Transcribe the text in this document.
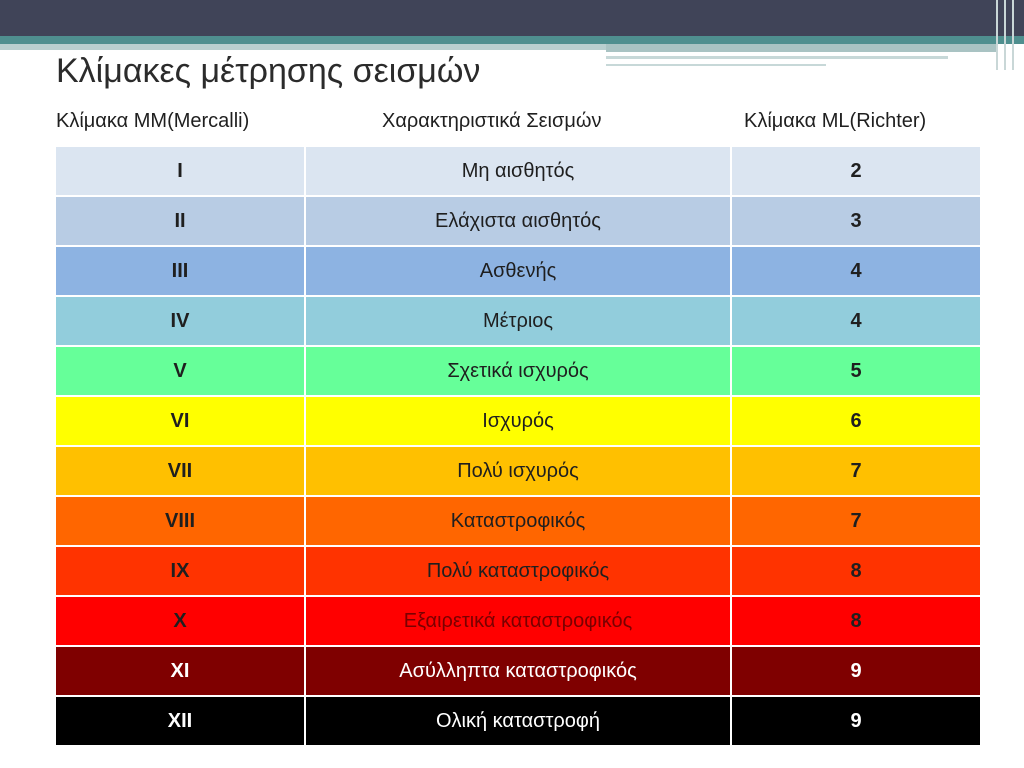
Κλίμακες μέτρησης σεισμών
Κλίμακα MM(Mercalli)	Χαρακτηριστικά Σεισμών	Κλίμακα ML(Richter)
I	Μη αισθητός	2
II	Ελάχιστα αισθητός	3
III	Ασθενής	4
IV	Μέτριος	4
V	Σχετικά ισχυρός	5
VI	Ισχυρός	6
VII	Πολύ ισχυρός	7
VIII	Καταστροφικός	7
IX	Πολύ καταστροφικός	8
X	Εξαιρετικά καταστροφικός	8
XI	Ασύλληπτα καταστροφικός	9
XII	Ολική καταστροφή	9
